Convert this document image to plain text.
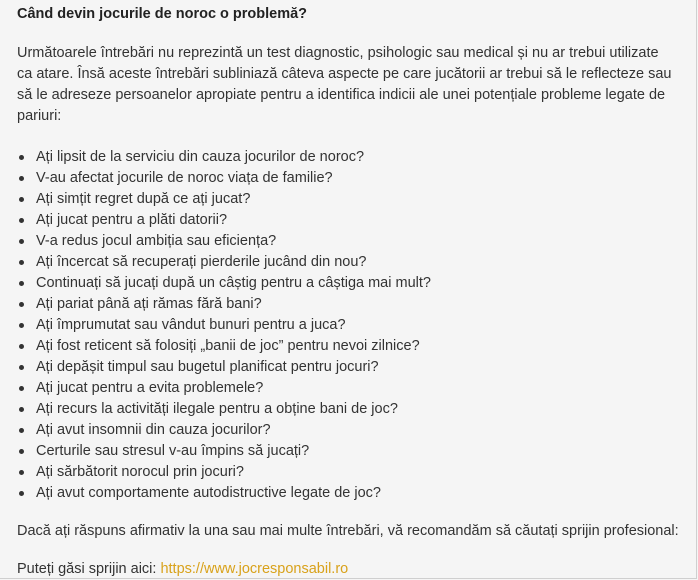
Când devin jocurile de noroc o problemă?

Următoarele întrebări nu reprezintă un test diagnostic, psihologic sau medical și nu ar trebui utilizate ca atare. Însă aceste întrebări subliniază câteva aspecte pe care jucătorii ar trebui să le reflecteze sau să le adreseze persoanelor apropiate pentru a identifica indicii ale unei potențiale probleme legate de pariuri:

Ați lipsit de la serviciu din cauza jocurilor de noroc?
V-au afectat jocurile de noroc viața de familie?
Ați simțit regret după ce ați jucat?
Ați jucat pentru a plăti datorii?
V-a redus jocul ambiția sau eficiența?
Ați încercat să recuperați pierderile jucând din nou?
Continuați să jucați după un câștig pentru a câștiga mai mult?
Ați pariat până ați rămas fără bani?
Ați împrumutat sau vândut bunuri pentru a juca?
Ați fost reticent să folosiți „banii de joc” pentru nevoi zilnice?
Ați depășit timpul sau bugetul planificat pentru jocuri?
Ați jucat pentru a evita problemele?
Ați recurs la activități ilegale pentru a obține bani de joc?
Ați avut insomnii din cauza jocurilor?
Certurile sau stresul v-au împins să jucați?
Ați sărbătorit norocul prin jocuri?
Ați avut comportamente autodistructive legate de joc?

Dacă ați răspuns afirmativ la una sau mai multe întrebări, vă recomandăm să căutați sprijin profesional:

Puteți găsi sprijin aici: https://www.jocresponsabil.ro
